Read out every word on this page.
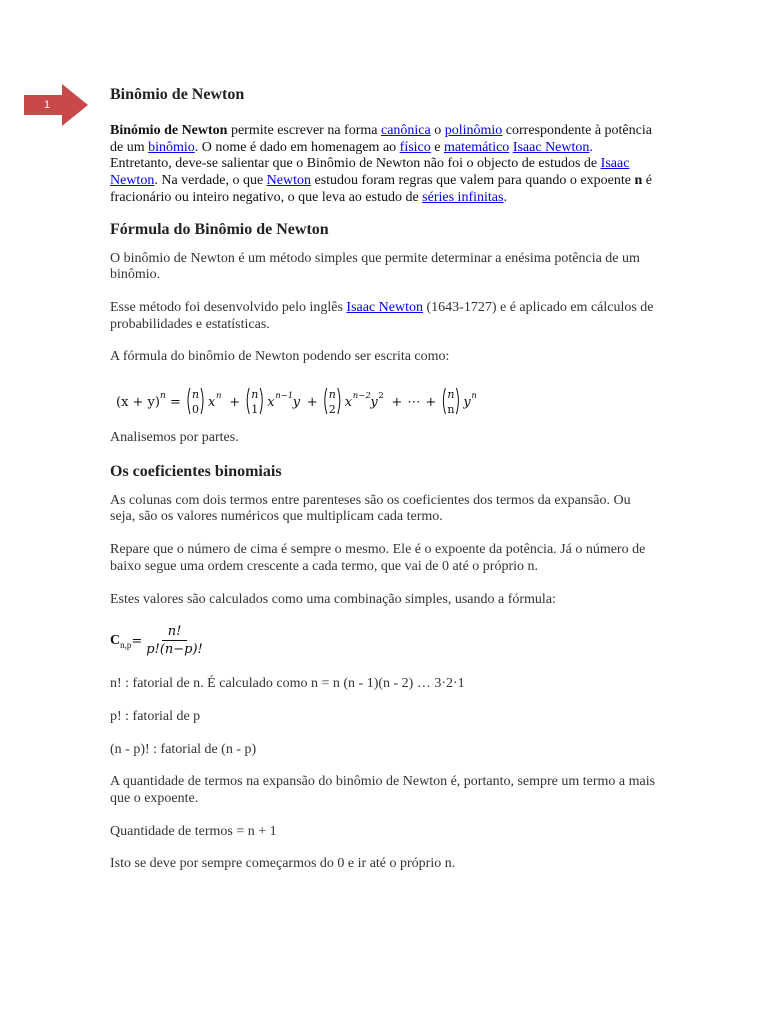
1
Binômio de Newton
Binómio de Newton permite escrever na forma canônica o polinômio correspondente à potência de um binômio. O nome é dado em homenagem ao físico e matemático Isaac Newton. Entretanto, deve-se salientar que o Binômio de Newton não foi o objecto de estudos de Isaac Newton. Na verdade, o que Newton estudou foram regras que valem para quando o expoente n é fracionário ou inteiro negativo, o que leva ao estudo de séries infinitas.
Fórmula do Binômio de Newton
O binômio de Newton é um método simples que permite determinar a enésima potência de um binômio.
Esse método foi desenvolvido pelo inglês Isaac Newton (1643-1727) e é aplicado em cálculos de probabilidades e estatísticas.
A fórmula do binômio de Newton podendo ser escrita como:
(x + y) n =
n
0 x n +
n
1 x n−1 y +
n
2 x n−2 y 2 + ⋯ +
n
n y n
Analisemos por partes.
Os coeficientes binomiais
As colunas com dois termos entre parenteses são os coeficientes dos termos da expansão. Ou seja, são os valores numéricos que multiplicam cada termo.
Repare que o número de cima é sempre o mesmo. Ele é o expoente da potência. Já o número de baixo segue uma ordem crescente a cada termo, que vai de 0 até o próprio n.
Estes valores são calculados como uma combinação simples, usando a fórmula:
$C_{n,p} = \frac{n!}{p!(n-p)!}$
n! : fatorial de n. É calculado como n = n (n - 1)(n - 2) … 3·2·1
p! : fatorial de p
(n - p)! : fatorial de (n - p)
A quantidade de termos na expansão do binômio de Newton é, portanto, sempre um termo a mais que o expoente.
Quantidade de termos = n + 1
Isto se deve por sempre começarmos do 0 e ir até o próprio n.
